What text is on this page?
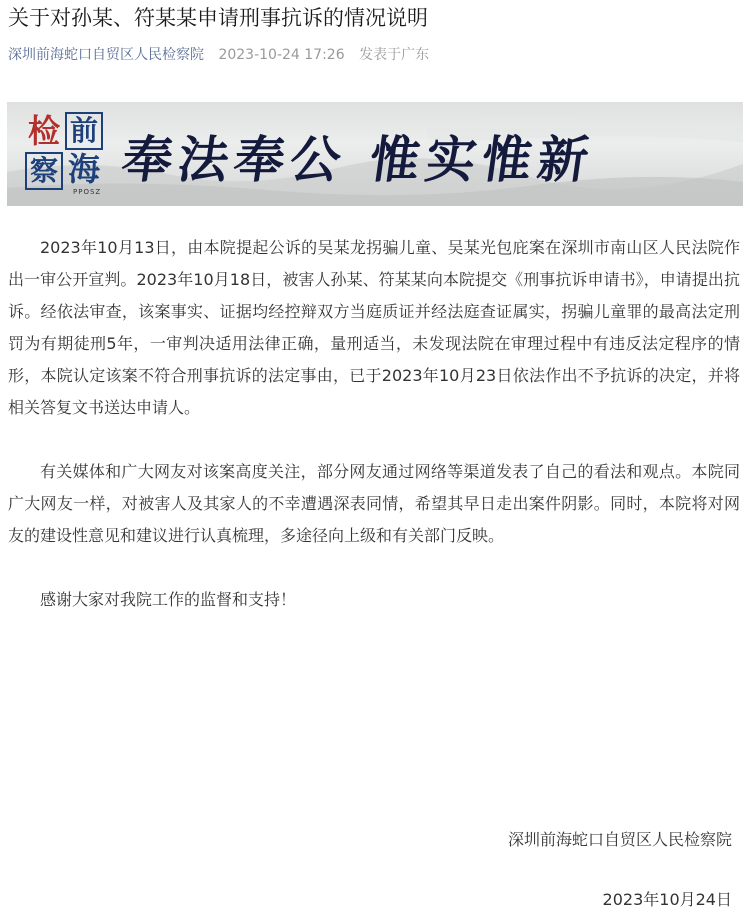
关于对孙某、符某某申请刑事抗诉的情况说明
深圳前海蛇口自贸区人民检察院 2023-10-24 17:26 发表于广东
检 前
察 海
PPOSZ
奉法奉公 惟实惟新

2023年10月13日，由本院提起公诉的吴某龙拐骗儿童、吴某光包庇案在深圳市南山区人民法院作出一审公开宣判。2023年10月18日，被害人孙某、符某某向本院提交《刑事抗诉申请书》，申请提出抗诉。经依法审查，该案事实、证据均经控辩双方当庭质证并经法庭查证属实，拐骗儿童罪的最高法定刑罚为有期徒刑5年，一审判决适用法律正确，量刑适当，未发现法院在审理过程中有违反法定程序的情形，本院认定该案不符合刑事抗诉的法定事由，已于2023年10月23日依法作出不予抗诉的决定，并将相关答复文书送达申请人。

有关媒体和广大网友对该案高度关注，部分网友通过网络等渠道发表了自己的看法和观点。本院同广大网友一样，对被害人及其家人的不幸遭遇深表同情，希望其早日走出案件阴影。同时，本院将对网友的建设性意见和建议进行认真梳理，多途径向上级和有关部门反映。

感谢大家对我院工作的监督和支持！

深圳前海蛇口自贸区人民检察院
2023年10月24日
